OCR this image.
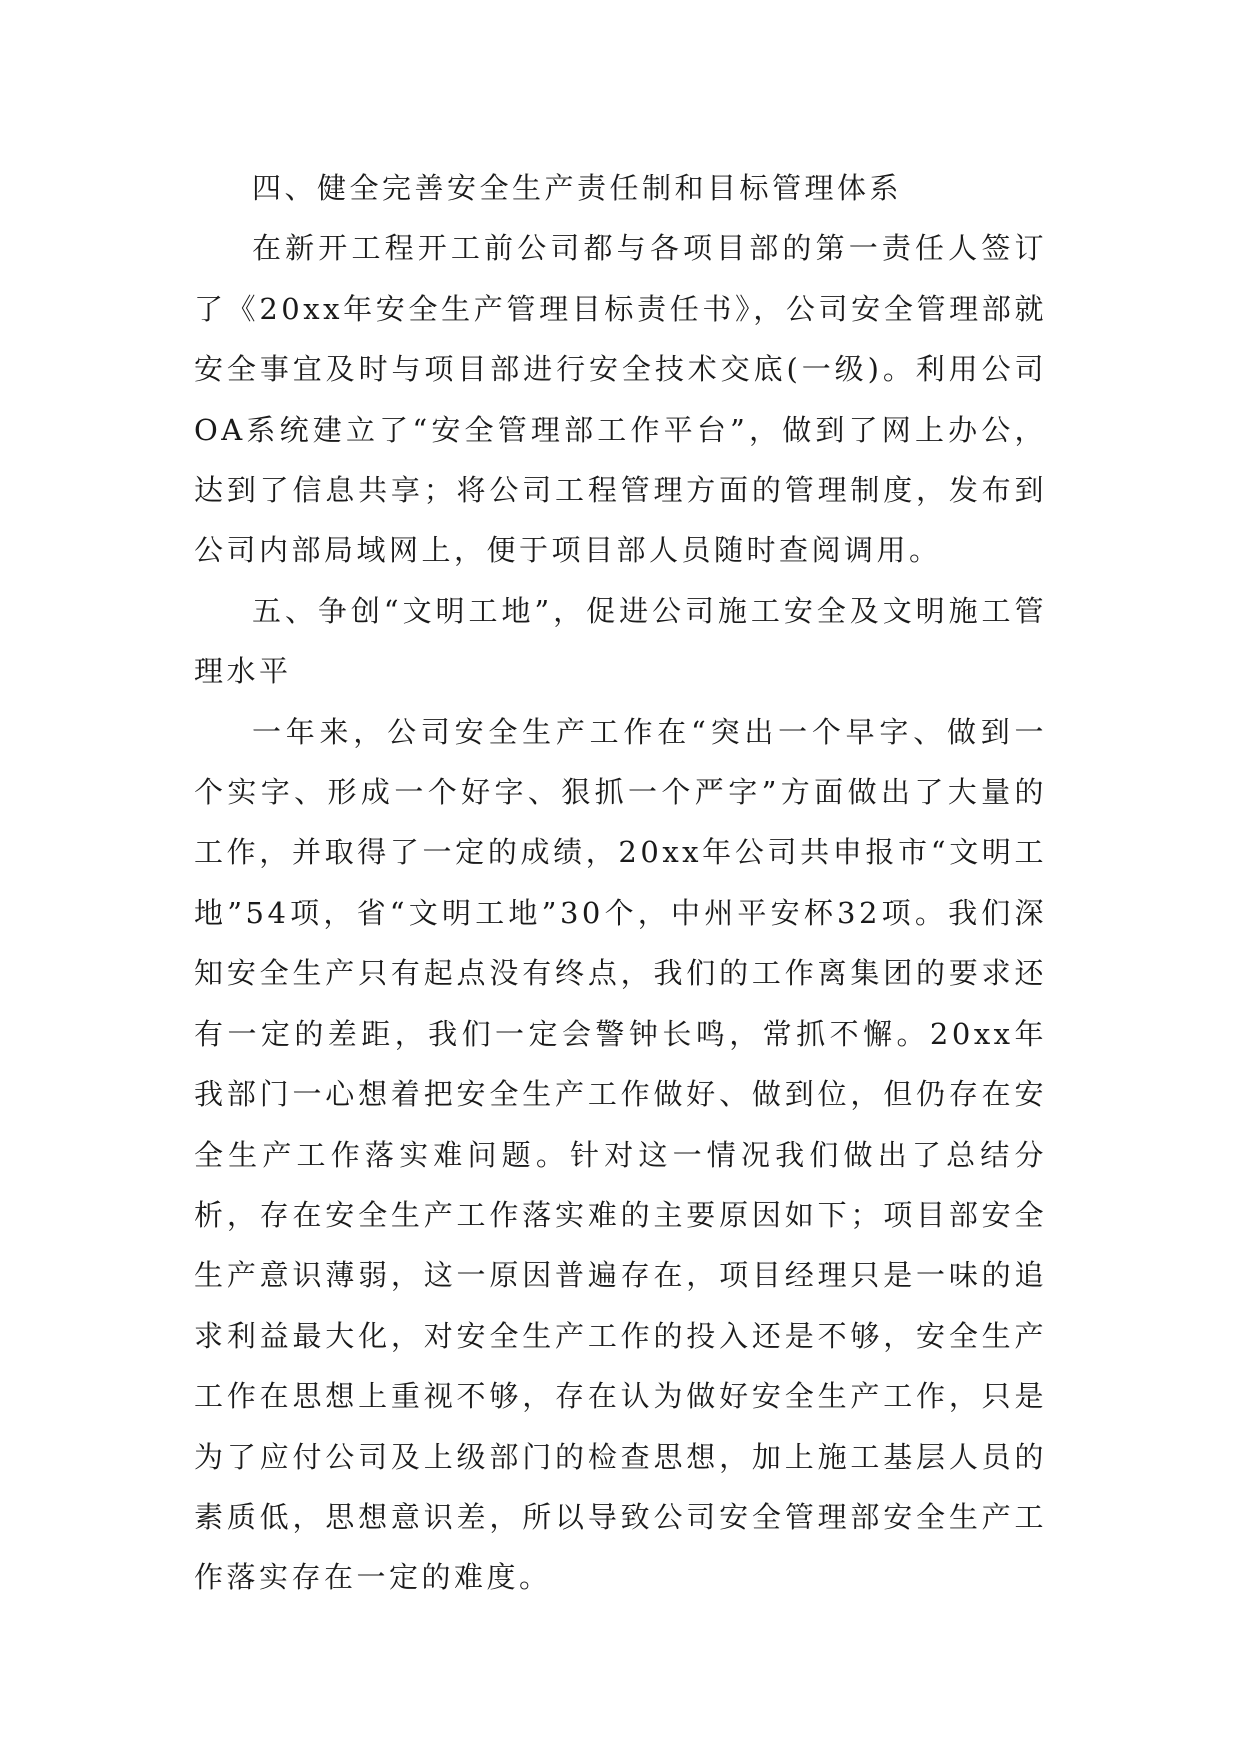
四、健全完善安全生产责任制和目标管理体系

在新开工程开工前公司都与各项目部的第一责任人签订了《20xx年安全生产管理目标责任书》，公司安全管理部就安全事宜及时与项目部进行安全技术交底(一级)。利用公司OA系统建立了“安全管理部工作平台”，做到了网上办公，达到了信息共享；将公司工程管理方面的管理制度，发布到公司内部局域网上，便于项目部人员随时查阅调用。

五、争创“文明工地”，促进公司施工安全及文明施工管理水平

一年来，公司安全生产工作在“突出一个早字、做到一个实字、形成一个好字、狠抓一个严字”方面做出了大量的工作，并取得了一定的成绩，20xx年公司共申报市“文明工地”54项，省“文明工地”30个，中州平安杯32项。我们深知安全生产只有起点没有终点，我们的工作离集团的要求还有一定的差距，我们一定会警钟长鸣，常抓不懈。20xx年我部门一心想着把安全生产工作做好、做到位，但仍存在安全生产工作落实难问题。针对这一情况我们做出了总结分析，存在安全生产工作落实难的主要原因如下；项目部安全生产意识薄弱，这一原因普遍存在，项目经理只是一味的追求利益最大化，对安全生产工作的投入还是不够，安全生产工作在思想上重视不够，存在认为做好安全生产工作，只是为了应付公司及上级部门的检查思想，加上施工基层人员的素质低，思想意识差，所以导致公司安全管理部安全生产工作落实存在一定的难度。
